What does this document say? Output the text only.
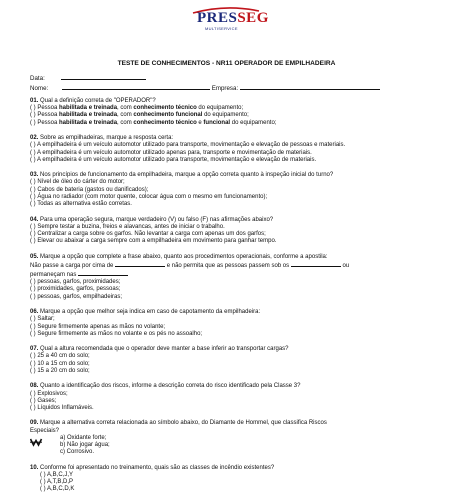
PRESSEG
MULTISERVICE
TESTE DE CONHECIMENTOS - NR11 OPERADOR DE EMPILHADEIRA
Data:
Nome:	Empresa:

01. Qual a definição correta de "OPERADOR"?

( ) Pessoa habilitada e treinada, com conhecimento técnico do equipamento;

( ) Pessoa habilitada e treinada, com conhecimento funcional do equipamento;

( ) Pessoa habilitada e treinada, com conhecimento técnico e funcional do equipamento;

02. Sobre as empilhadeiras, marque a resposta certa:

( ) A empilhadeira é um veículo automotor utilizado para transporte, movimentação e elevação de pessoas e materiais.

( ) A empilhadeira é um veículo automotor utilizado apenas para, transporte e movimentação de materiais.

( ) A empilhadeira é um veículo automotor utilizado para transporte, movimentação e elevação de materiais.

03. Nos princípios de funcionamento da empilhadeira, marque a opção correta quanto à inspeção inicial do turno?

( ) Nível de óleo do cárter do motor;

( ) Cabos de bateria (gastos ou danificados);

( ) Água no radiador (com motor quente, colocar água com o mesmo em funcionamento);

( ) Todas as alternativa estão corretas.

04. Para uma operação segura, marque verdadeiro (V) ou falso (F) nas afirmações abaixo?

( ) Sempre testar a buzina, freios e alavancas, antes de iniciar o trabalho.

( ) Centralizar a carga sobre os garfos. Não levantar a carga com apenas um dos garfos;

( ) Elevar ou abaixar a carga sempre com a empilhadeira em movimento para ganhar tempo.

05. Marque a opção que complete a frase abaixo, quanto aos procedimentos operacionais, conforme a apostila:

Não passe a carga por cima de	e não permita que as pessoas passem sob os	ou

permaneçam nas

( ) pessoas, garfos, proximidades;

( ) proximidades, garfos, pessoas;

( ) pessoas, garfos, empilhadeiras;

06. Marque a opção que melhor seja indica em caso de capotamento da empilhadeira:

( ) Saltar;

( ) Segure firmemente apenas as mãos no volante;

( ) Segure firmemente as mãos no volante e os pés no assoalho;

07. Qual a altura recomendada que o operador deve manter a base inferir ao transportar cargas?

( ) 25 a 40 cm do solo;

( ) 10 a 15 cm do solo;

( ) 15 a 20 cm do solo;

08. Quanto a identificação dos riscos, informe a descrição correta do risco identificado pela Classe 3?

( ) Explosivos;

( ) Gases;

( ) Líquidos Inflamáveis.

09. Marque a alternativa correta relacionada ao símbolo abaixo, do Diamante de Hommel, que classifica Riscos

Especiais?

a) Oxidante forte;

b) Não jogar água;

c) Corrosivo.

10. Conforme foi apresentado no treinamento, quais são as classes de incêndio existentes?

( ) A,B,C,J,Y

( ) A,T,B,D,P

( ) A,B,C,D,K
